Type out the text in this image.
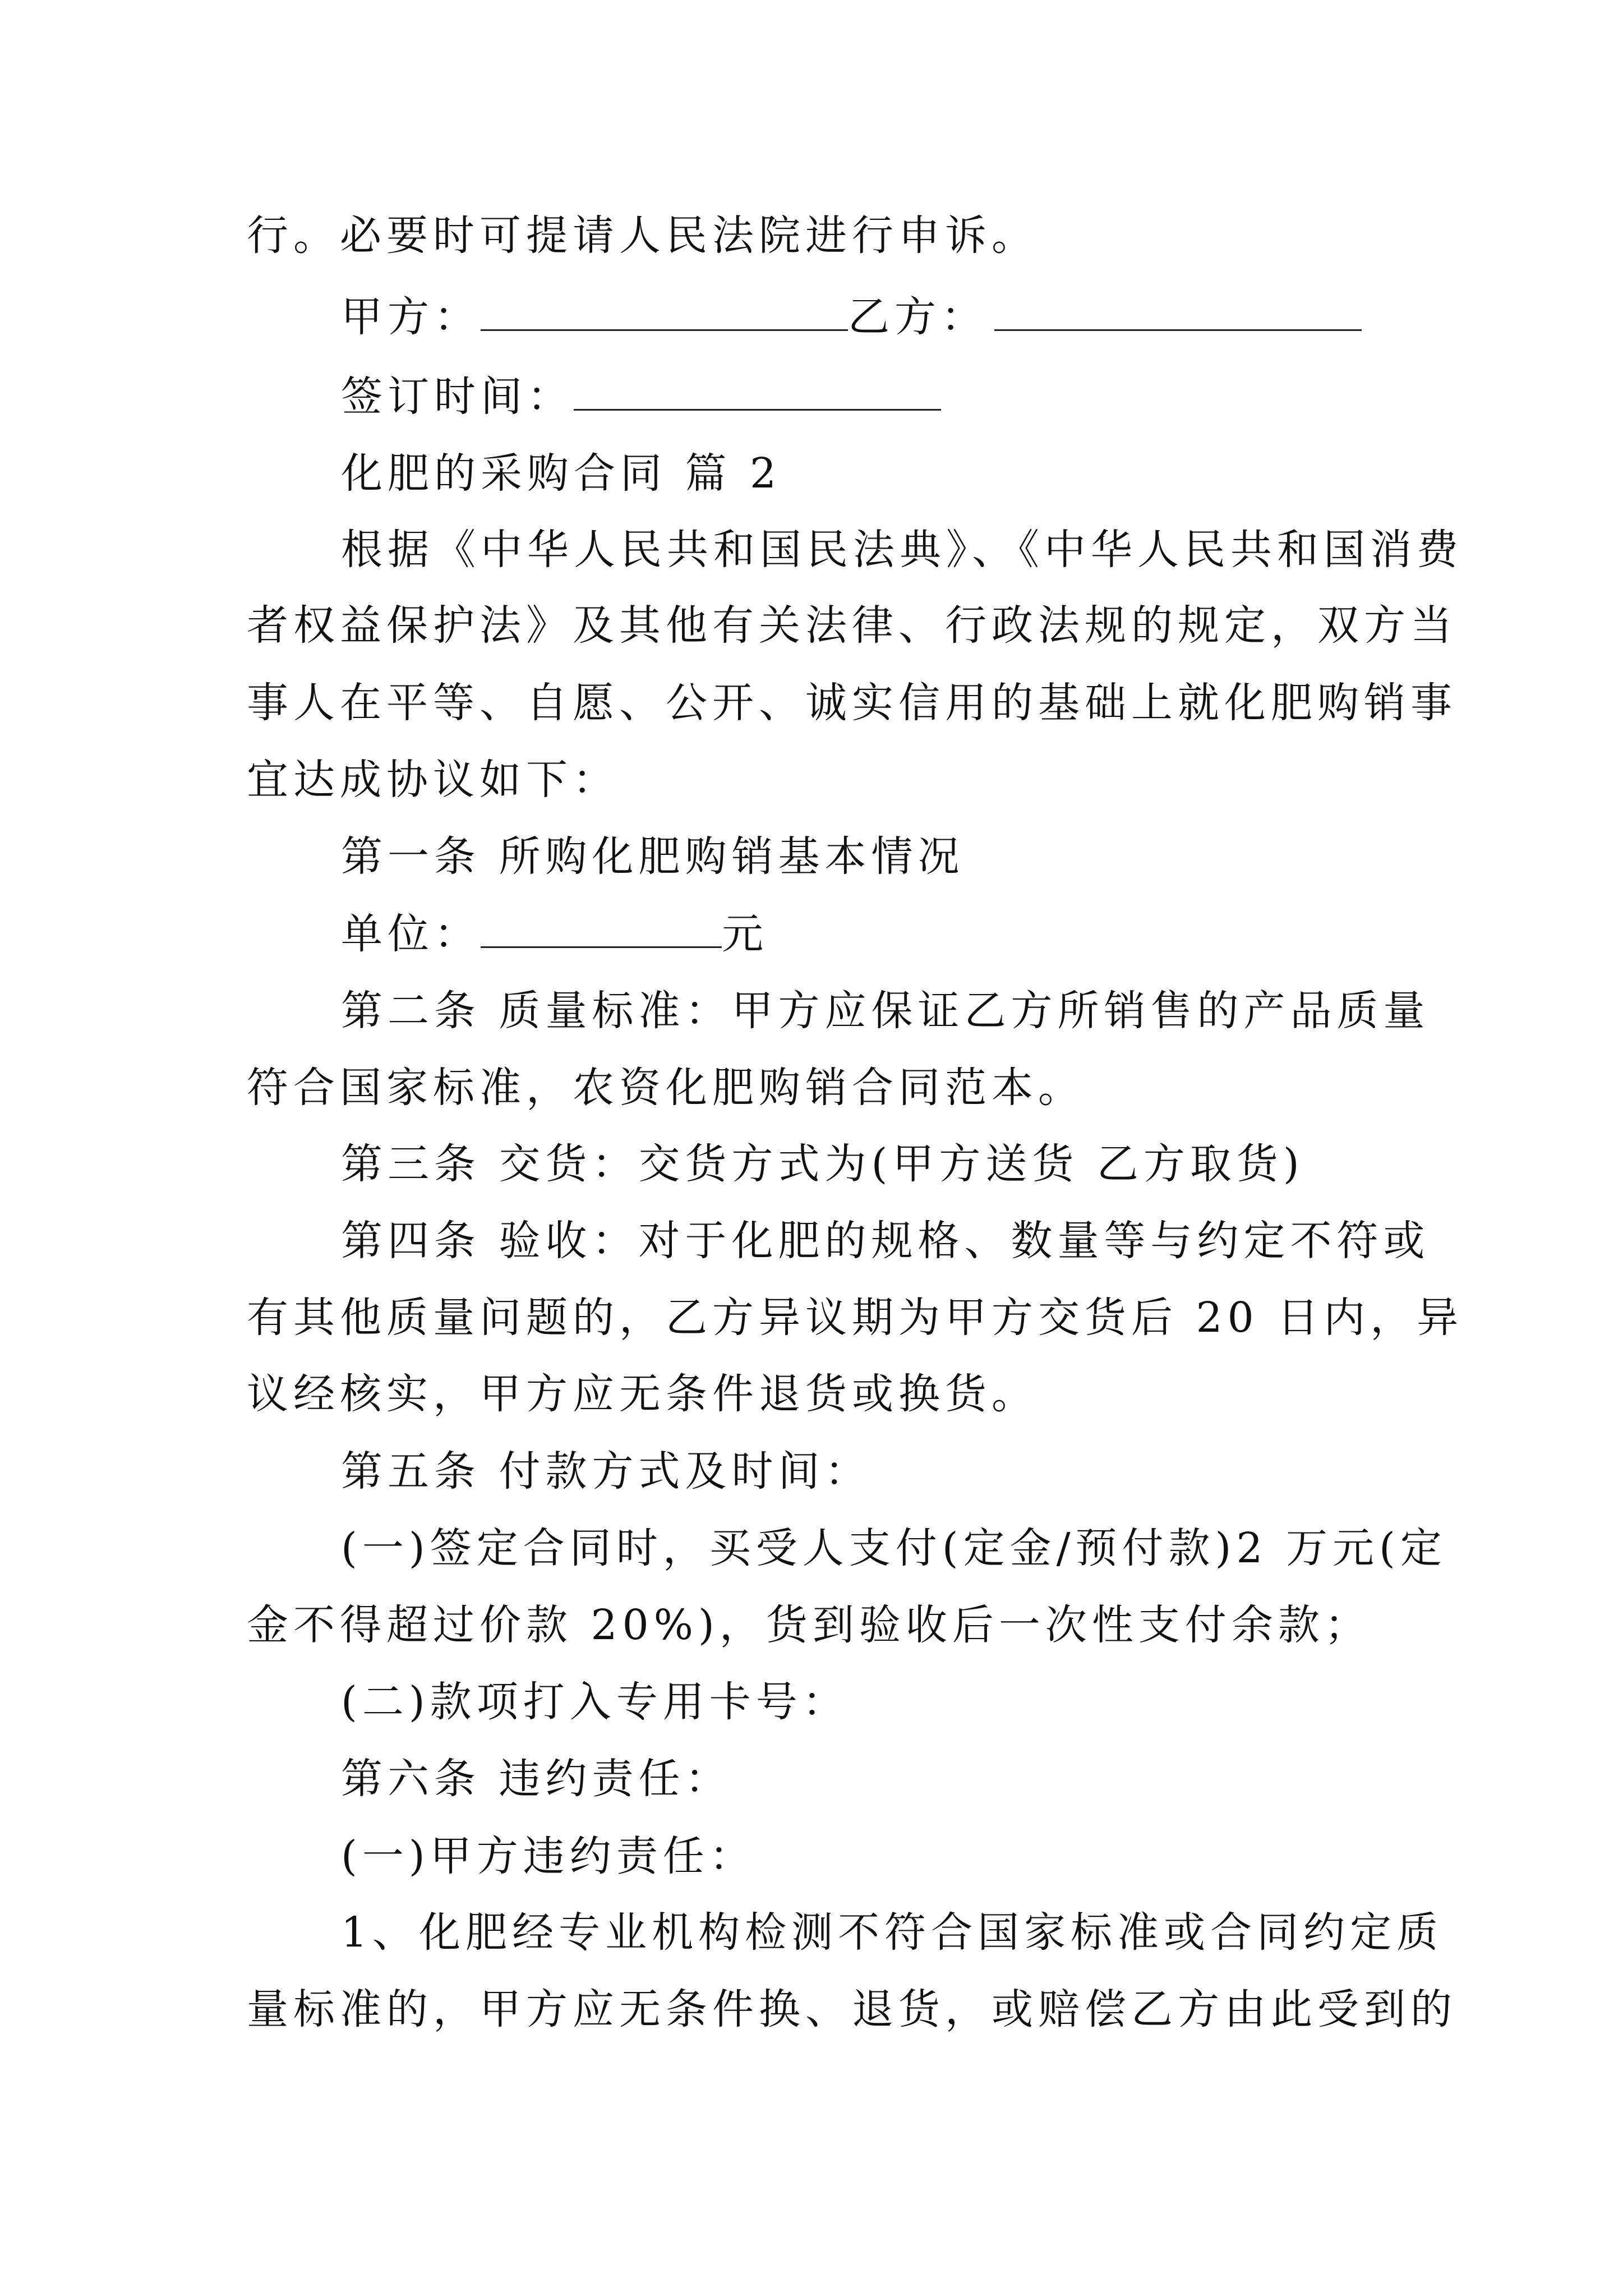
行。必要时可提请人民法院进行申诉。
甲方：	乙方：
签订时间：
化肥的采购合同 篇 2
根据《中华人民共和国民法典》、《中华人民共和国消费
者权益保护法》及其他有关法律、行政法规的规定，双方当
事人在平等、自愿、公开、诚实信用的基础上就化肥购销事
宜达成协议如下：
第一条 所购化肥购销基本情况
单位：	元
第二条 质量标准：甲方应保证乙方所销售的产品质量
符合国家标准，农资化肥购销合同范本。
第三条 交货：交货方式为(甲方送货 乙方取货)
第四条 验收：对于化肥的规格、数量等与约定不符或
有其他质量问题的，乙方异议期为甲方交货后 20 日内，异
议经核实，甲方应无条件退货或换货。
第五条 付款方式及时间：
(一)签定合同时，买受人支付(定金/预付款)2 万元(定
金不得超过价款 20%)，货到验收后一次性支付余款；
(二)款项打入专用卡号：
第六条 违约责任：
(一)甲方违约责任：
1、化肥经专业机构检测不符合国家标准或合同约定质
量标准的，甲方应无条件换、退货，或赔偿乙方由此受到的
